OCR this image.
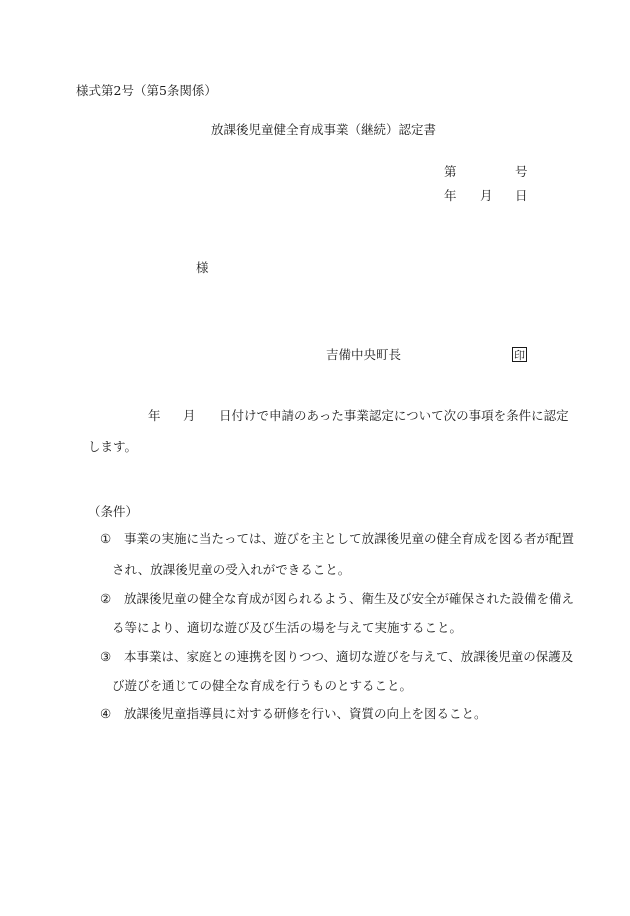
様式第2号（第5条関係）
放課後児童健全育成事業（継続）認定書
第	号
年 月 日
様
吉備中央町長	印
年 月 日付けで申請のあった事業認定について次の事項を条件に認定
します。
（条件）
① 事業の実施に当たっては、遊びを主として放課後児童の健全育成を図る者が配置
され、放課後児童の受入れができること。
② 放課後児童の健全な育成が図られるよう、衛生及び安全が確保された設備を備え
る等により、適切な遊び及び生活の場を与えて実施すること。
③ 本事業は、家庭との連携を図りつつ、適切な遊びを与えて、放課後児童の保護及
び遊びを通じての健全な育成を行うものとすること。
④ 放課後児童指導員に対する研修を行い、資質の向上を図ること。
